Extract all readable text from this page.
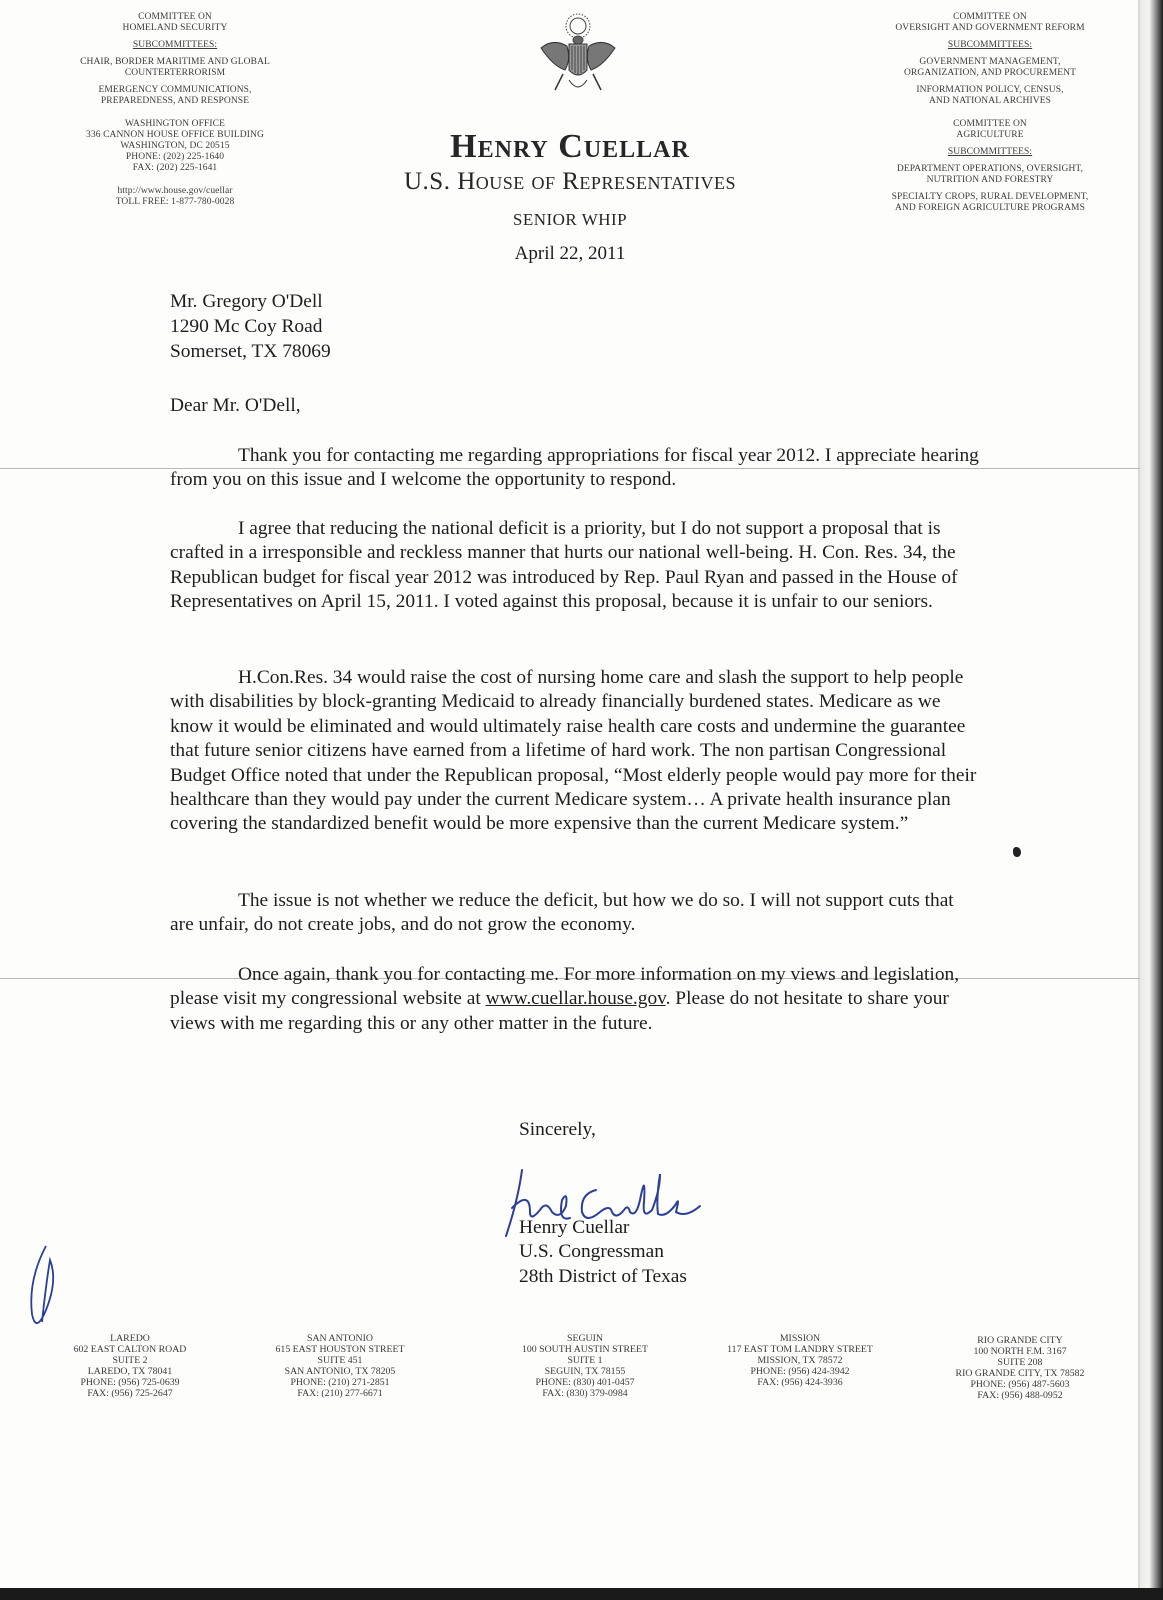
COMMITTEE ON
HOMELAND SECURITY
SUBCOMMITTEES:
CHAIR, BORDER MARITIME AND GLOBAL
COUNTERTERRORISM
EMERGENCY COMMUNICATIONS,
PREPAREDNESS, AND RESPONSE
WASHINGTON OFFICE
336 CANNON HOUSE OFFICE BUILDING
WASHINGTON, DC 20515
PHONE: (202) 225-1640
FAX: (202) 225-1641
http://www.house.gov/cuellar
TOLL FREE: 1-877-780-0028
Henry Cuellar
U.S. House of Representatives
SENIOR WHIP
April 22, 2011
COMMITTEE ON
OVERSIGHT AND GOVERNMENT REFORM
SUBCOMMITTEES:
GOVERNMENT MANAGEMENT,
ORGANIZATION, AND PROCUREMENT
INFORMATION POLICY, CENSUS,
AND NATIONAL ARCHIVES
COMMITTEE ON
AGRICULTURE
SUBCOMMITTEES:
DEPARTMENT OPERATIONS, OVERSIGHT,
NUTRITION AND FORESTRY
SPECIALTY CROPS, RURAL DEVELOPMENT,
AND FOREIGN AGRICULTURE PROGRAMS
Mr. Gregory O'Dell
1290 Mc Coy Road
Somerset, TX 78069
Dear Mr. O'Dell,

Thank you for contacting me regarding appropriations for fiscal year 2012. I appreciate hearing from you on this issue and I welcome the opportunity to respond.

I agree that reducing the national deficit is a priority, but I do not support a proposal that is crafted in a irresponsible and reckless manner that hurts our national well-being. H. Con. Res. 34, the Republican budget for fiscal year 2012 was introduced by Rep. Paul Ryan and passed in the House of Representatives on April 15, 2011. I voted against this proposal, because it is unfair to our seniors.

H.Con.Res. 34 would raise the cost of nursing home care and slash the support to help people with disabilities by block-granting Medicaid to already financially burdened states. Medicare as we know it would be eliminated and would ultimately raise health care costs and undermine the guarantee that future senior citizens have earned from a lifetime of hard work. The non partisan Congressional Budget Office noted that under the Republican proposal, “Most elderly people would pay more for their healthcare than they would pay under the current Medicare system… A private health insurance plan covering the standardized benefit would be more expensive than the current Medicare system.”

The issue is not whether we reduce the deficit, but how we do so. I will not support cuts that are unfair, do not create jobs, and do not grow the economy.

Once again, thank you for contacting me. For more information on my views and legislation, please visit my congressional website at www.cuellar.house.gov. Please do not hesitate to share your views with me regarding this or any other matter in the future.

Sincerely,
Henry Cuellar
U.S. Congressman
28th District of Texas
LAREDO
602 EAST CALTON ROAD
SUITE 2
LAREDO, TX 78041
PHONE: (956) 725-0639
FAX: (956) 725-2647
SAN ANTONIO
615 EAST HOUSTON STREET
SUITE 451
SAN ANTONIO, TX 78205
PHONE: (210) 271-2851
FAX: (210) 277-6671
SEGUIN
100 SOUTH AUSTIN STREET
SUITE 1
SEGUIN, TX 78155
PHONE: (830) 401-0457
FAX: (830) 379-0984
MISSION
117 EAST TOM LANDRY STREET
MISSION, TX 78572
PHONE: (956) 424-3942
FAX: (956) 424-3936
RIO GRANDE CITY
100 NORTH F.M. 3167
SUITE 208
RIO GRANDE CITY, TX 78582
PHONE: (956) 487-5603
FAX: (956) 488-0952
